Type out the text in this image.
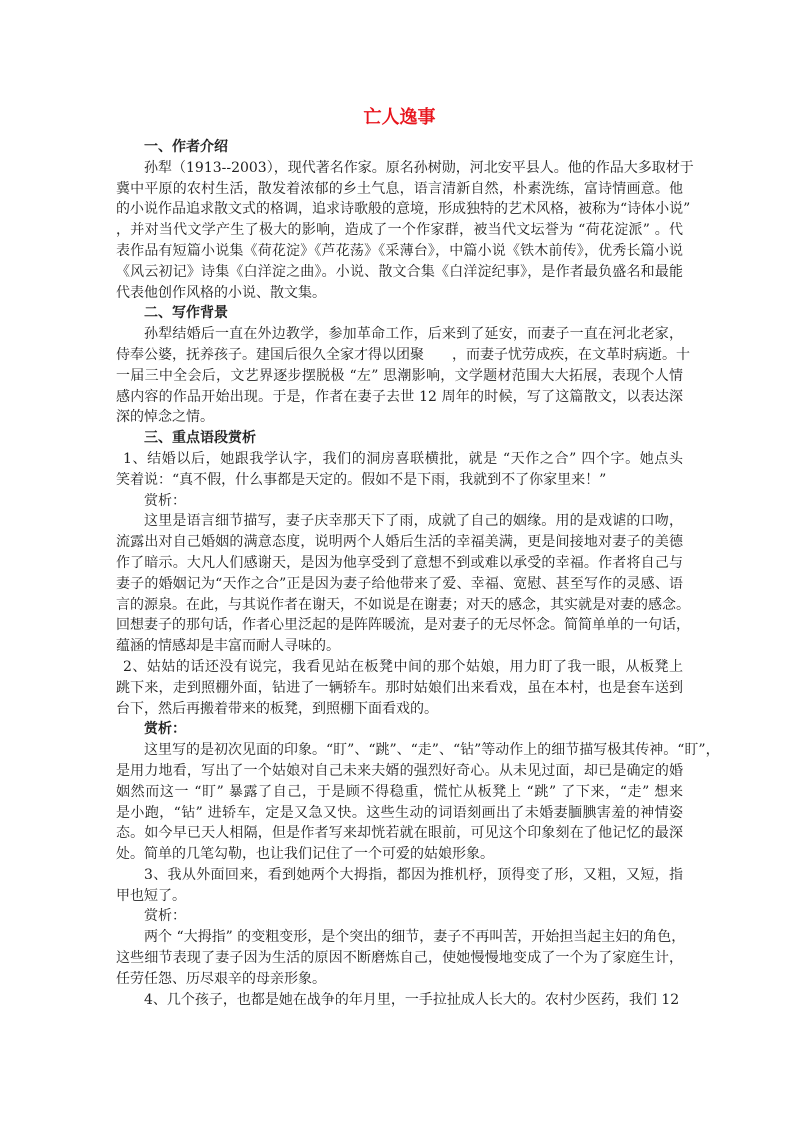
亡人逸事
一、作者介绍
孙犁（1913--2003），现代著名作家。原名孙树勋，河北安平县人。他的作品大多取材于
冀中平原的农村生活，散发着浓郁的乡土气息，语言清新自然，朴素洗练，富诗情画意。他
的小说作品追求散文式的格调，追求诗歌般的意境，形成独特的艺术风格，被称为“诗体小说”
，并对当代文学产生了极大的影响，造成了一个作家群，被当代文坛誉为 “荷花淀派” 。代
表作品有短篇小说集《荷花淀》《芦花荡》《采薄台》，中篇小说《铁木前传》，优秀长篇小说
《风云初记》诗集《白洋淀之曲》。小说、散文合集《白洋淀纪事》，是作者最负盛名和最能
代表他创作风格的小说、散文集。
二、写作背景
孙犁结婚后一直在外边教学，参加革命工作，后来到了延安，而妻子一直在河北老家，
侍奉公婆，抚养孩子。建国后很久全家才得以团聚　　，而妻子忧劳成疾，在文革时病逝。十
一届三中全会后，文艺界逐步摆脱极 “左” 思潮影响，文学题材范围大大拓展，表现个人情
感内容的作品开始出现。于是，作者在妻子去世 12 周年的时候，写了这篇散文，以表达深
深的悼念之情。
三、重点语段赏析
1、结婚以后，她跟我学认字，我们的洞房喜联横批，就是 “天作之合” 四个字。她点头
笑着说：“真不假，什么事都是天定的。假如不是下雨，我就到不了你家里来！”
赏析：
这里是语言细节描写，妻子庆幸那天下了雨，成就了自己的姻缘。用的是戏谑的口吻，
流露出对自己婚姻的满意态度，说明两个人婚后生活的幸福美满，更是间接地对妻子的美德
作了暗示。大凡人们感谢天，是因为他享受到了意想不到或难以承受的幸福。作者将自己与
妻子的婚姻记为“天作之合”正是因为妻子给他带来了爱、幸福、宽慰、甚至写作的灵感、语
言的源泉。在此，与其说作者在谢天，不如说是在谢妻；对天的感念，其实就是对妻的感念。
回想妻子的那句话，作者心里泛起的是阵阵暖流，是对妻子的无尽怀念。简简单单的一句话，
蕴涵的情感却是丰富而耐人寻味的。
2、姑姑的话还没有说完，我看见站在板凳中间的那个姑娘，用力盯了我一眼，从板凳上
跳下来，走到照棚外面，钻进了一辆轿车。那时姑娘们出来看戏，虽在本村，也是套车送到
台下，然后再搬着带来的板凳，到照棚下面看戏的。
赏析：
这里写的是初次见面的印象。“盯”、“跳”、“走”、“钻”等动作上的细节描写极其传神。“盯”，
是用力地看，写出了一个姑娘对自己未来夫婿的强烈好奇心。从未见过面，却已是确定的婚
姻然而这一 “盯” 暴露了自己，于是顾不得稳重，慌忙从板凳上 “跳” 了下来，“走” 想来
是小跑，“钻” 进轿车，定是又急又快。这些生动的词语刻画出了未婚妻腼腆害羞的神情姿
态。如今早已天人相隔，但是作者写来却恍若就在眼前，可见这个印象刻在了他记忆的最深
处。简单的几笔勾勒，也让我们记住了一个可爱的姑娘形象。
3、我从外面回来，看到她两个大拇指，都因为推机杼，顶得变了形，又粗，又短，指
甲也短了。
赏析：
两个 “大拇指” 的变粗变形，是个突出的细节，妻子不再叫苦，开始担当起主妇的角色，
这些细节表现了妻子因为生活的原因不断磨炼自己，使她慢慢地变成了一个为了家庭生计，
任劳任怨、历尽艰辛的母亲形象。
4、几个孩子，也都是她在战争的年月里，一手拉扯成人长大的。农村少医药，我们 12
